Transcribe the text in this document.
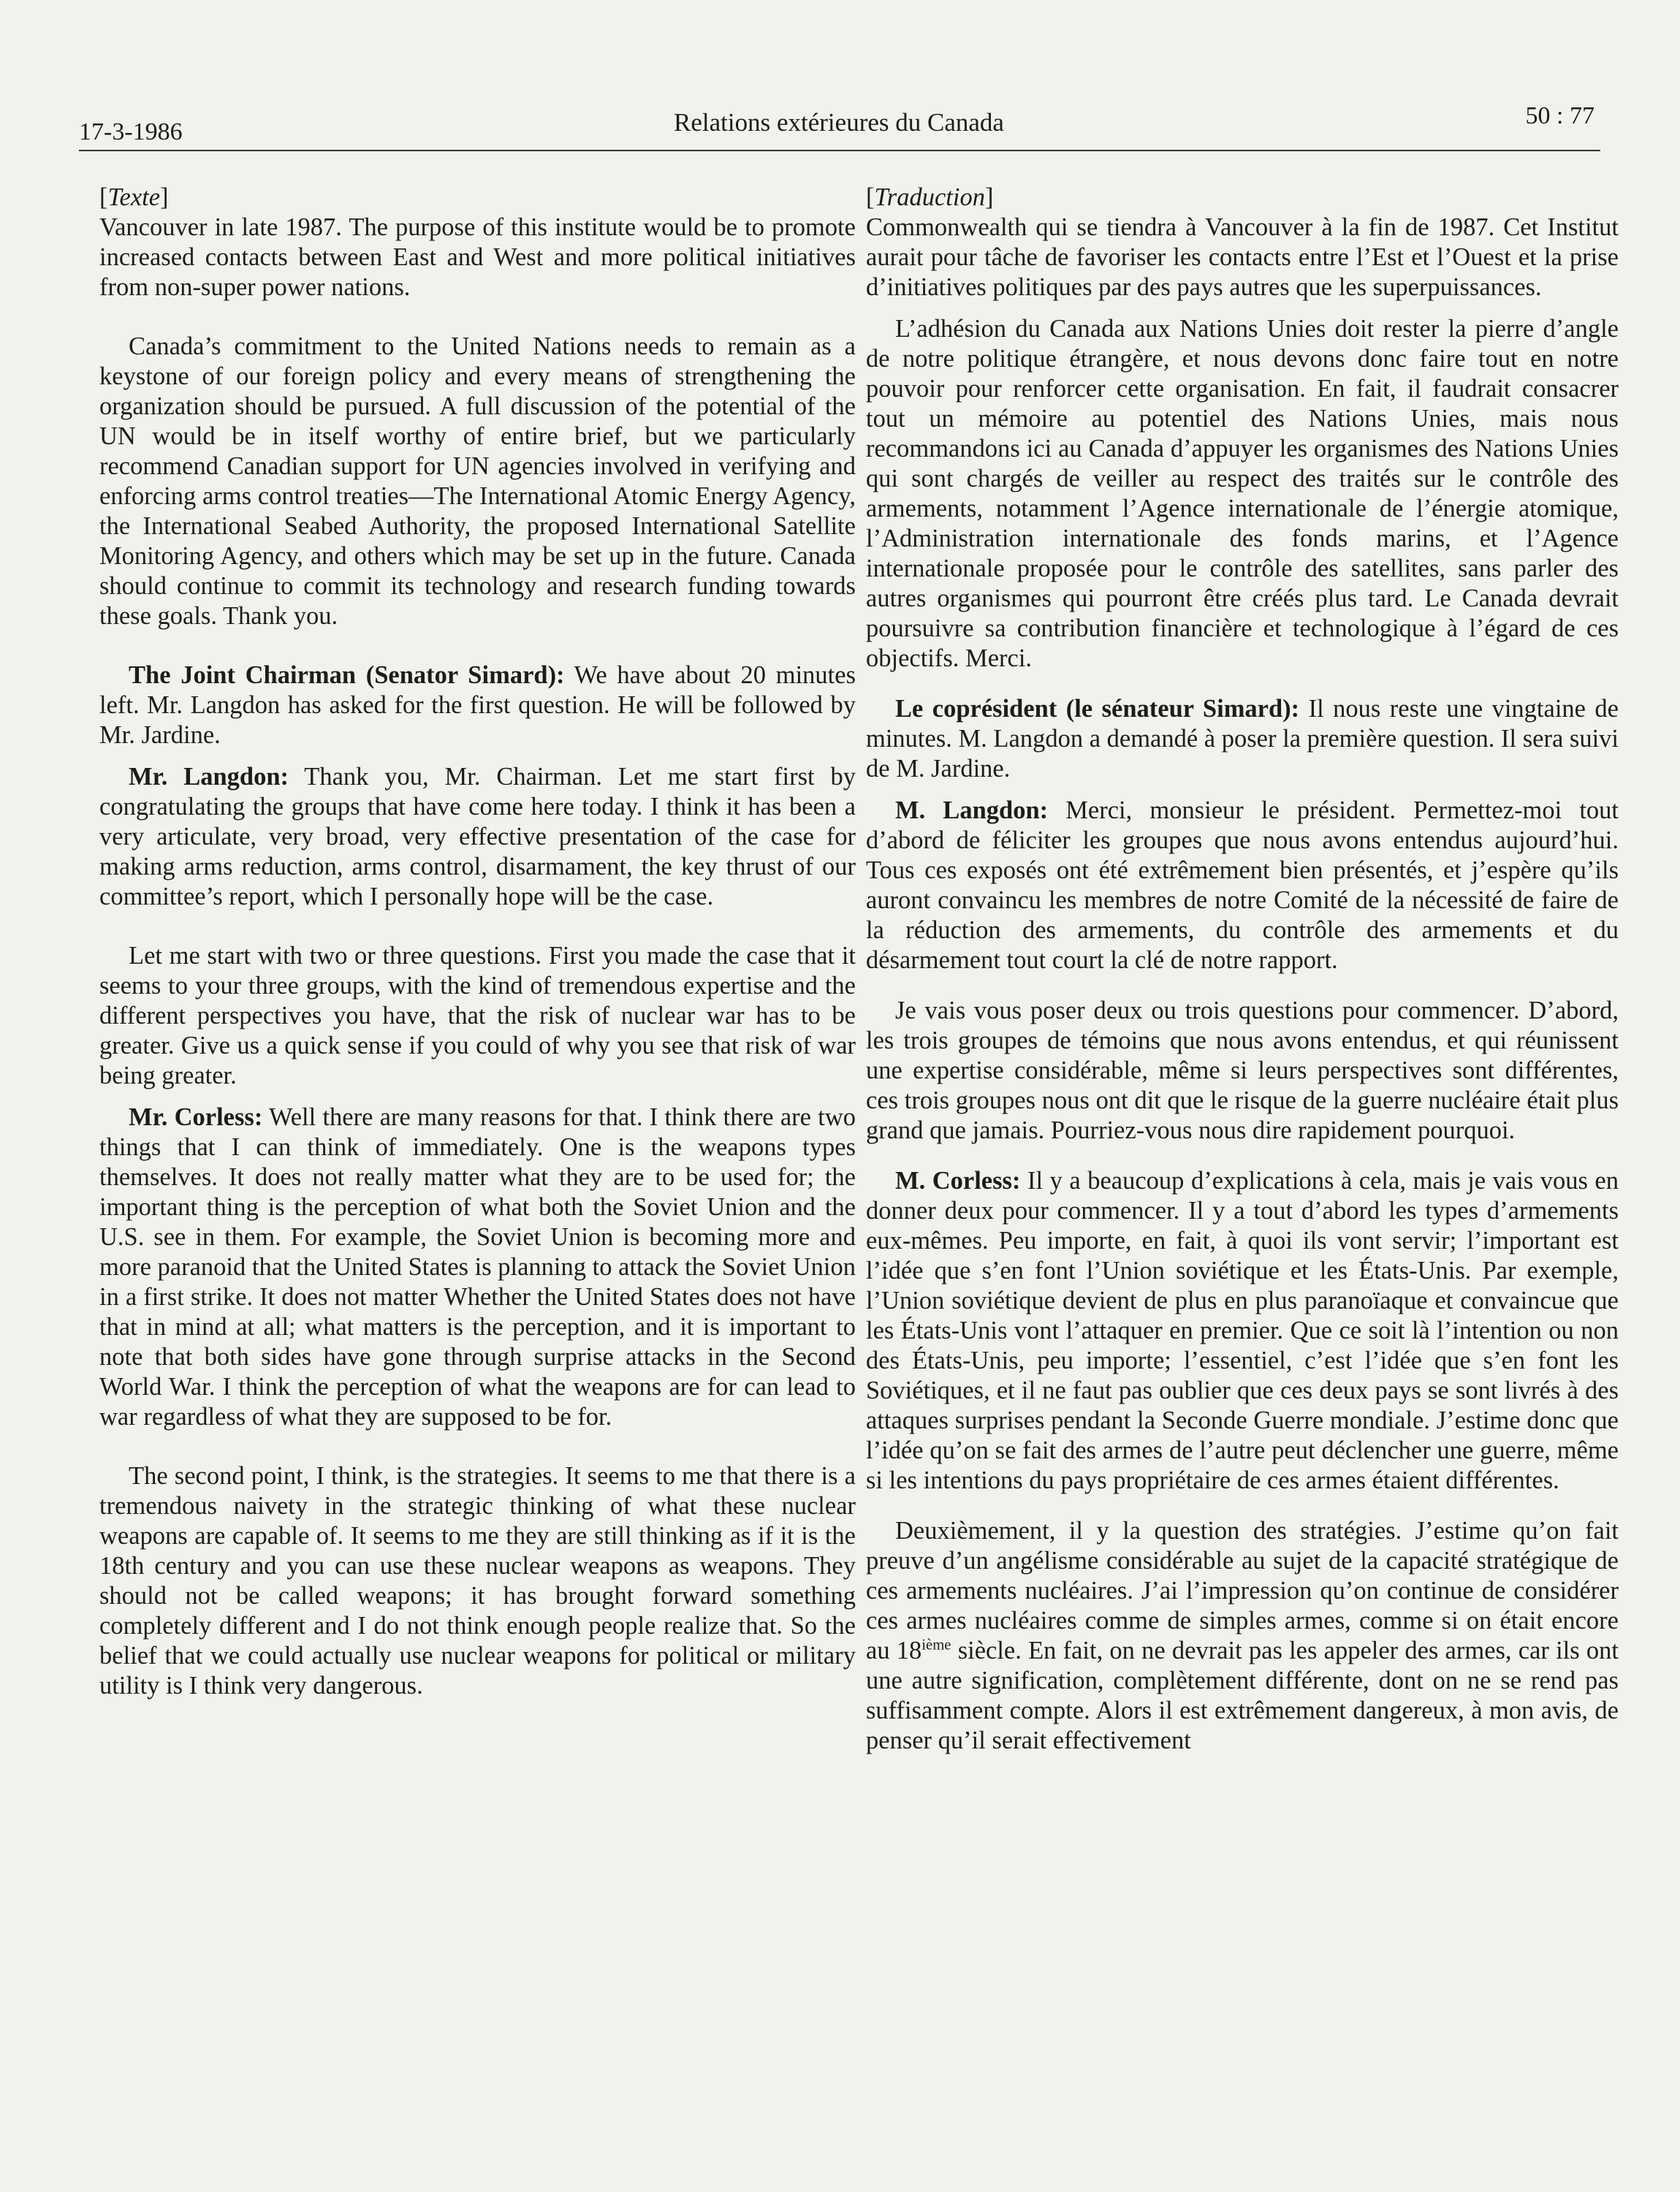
17-3-1986	Relations extérieures du Canada	50 : 77

[Texte]

Vancouver in late 1987. The purpose of this institute would be to promote increased contacts between East and West and more political initiatives from non-super power nations.

Canada’s commitment to the United Nations needs to remain as a keystone of our foreign policy and every means of strengthening the organization should be pursued. A full discussion of the potential of the UN would be in itself worthy of entire brief, but we particularly recommend Canadian support for UN agencies involved in verifying and enforcing arms control treaties—The International Atomic Energy Agency, the International Seabed Authority, the proposed International Satellite Monitoring Agency, and others which may be set up in the future. Canada should continue to commit its technology and research funding towards these goals. Thank you.

The Joint Chairman (Senator Simard): We have about 20 minutes left. Mr. Langdon has asked for the first question. He will be followed by Mr. Jardine.

Mr. Langdon: Thank you, Mr. Chairman. Let me start first by congratulating the groups that have come here today. I think it has been a very articulate, very broad, very effective presentation of the case for making arms reduction, arms control, disarmament, the key thrust of our committee’s report, which I personally hope will be the case.

Let me start with two or three questions. First you made the case that it seems to your three groups, with the kind of tremendous expertise and the different perspectives you have, that the risk of nuclear war has to be greater. Give us a quick sense if you could of why you see that risk of war being greater.

Mr. Corless: Well there are many reasons for that. I think there are two things that I can think of immediately. One is the weapons types themselves. It does not really matter what they are to be used for; the important thing is the perception of what both the Soviet Union and the U.S. see in them. For example, the Soviet Union is becoming more and more paranoid that the United States is planning to attack the Soviet Union in a first strike. It does not matter Whether the United States does not have that in mind at all; what matters is the perception, and it is important to note that both sides have gone through surprise attacks in the Second World War. I think the perception of what the weapons are for can lead to war regardless of what they are supposed to be for.

The second point, I think, is the strategies. It seems to me that there is a tremendous naivety in the strategic thinking of what these nuclear weapons are capable of. It seems to me they are still thinking as if it is the 18th century and you can use these nuclear weapons as weapons. They should not be called weapons; it has brought forward something completely different and I do not think enough people realize that. So the belief that we could actually use nuclear weapons for political or military utility is I think very dangerous.

[Traduction]

Commonwealth qui se tiendra à Vancouver à la fin de 1987. Cet Institut aurait pour tâche de favoriser les contacts entre l’Est et l’Ouest et la prise d’initiatives politiques par des pays autres que les superpuissances.

L’adhésion du Canada aux Nations Unies doit rester la pierre d’angle de notre politique étrangère, et nous devons donc faire tout en notre pouvoir pour renforcer cette organisation. En fait, il faudrait consacrer tout un mémoire au potentiel des Nations Unies, mais nous recommandons ici au Canada d’appuyer les organismes des Nations Unies qui sont chargés de veiller au respect des traités sur le contrôle des armements, notamment l’Agence internationale de l’énergie atomique, l’Administration internationale des fonds marins, et l’Agence internationale proposée pour le contrôle des satellites, sans parler des autres organismes qui pourront être créés plus tard. Le Canada devrait poursuivre sa contribution financière et technologique à l’égard de ces objectifs. Merci.

Le coprésident (le sénateur Simard): Il nous reste une vingtaine de minutes. M. Langdon a demandé à poser la première question. Il sera suivi de M. Jardine.

M. Langdon: Merci, monsieur le président. Permettez-moi tout d’abord de féliciter les groupes que nous avons entendus aujourd’hui. Tous ces exposés ont été extrêmement bien présentés, et j’espère qu’ils auront convaincu les membres de notre Comité de la nécessité de faire de la réduction des armements, du contrôle des armements et du désarmement tout court la clé de notre rapport.

Je vais vous poser deux ou trois questions pour commencer. D’abord, les trois groupes de témoins que nous avons entendus, et qui réunissent une expertise considérable, même si leurs perspectives sont différentes, ces trois groupes nous ont dit que le risque de la guerre nucléaire était plus grand que jamais. Pourriez-vous nous dire rapidement pourquoi.

M. Corless: Il y a beaucoup d’explications à cela, mais je vais vous en donner deux pour commencer. Il y a tout d’abord les types d’armements eux-mêmes. Peu importe, en fait, à quoi ils vont servir; l’important est l’idée que s’en font l’Union soviétique et les États-Unis. Par exemple, l’Union soviétique devient de plus en plus paranoïaque et convaincue que les États-Unis vont l’attaquer en premier. Que ce soit là l’intention ou non des États-Unis, peu importe; l’essentiel, c’est l’idée que s’en font les Soviétiques, et il ne faut pas oublier que ces deux pays se sont livrés à des attaques surprises pendant la Seconde Guerre mondiale. J’estime donc que l’idée qu’on se fait des armes de l’autre peut déclencher une guerre, même si les intentions du pays propriétaire de ces armes étaient différentes.

Deuxièmement, il y la question des stratégies. J’estime qu’on fait preuve d’un angélisme considérable au sujet de la capacité stratégique de ces armements nucléaires. J’ai l’impression qu’on continue de considérer ces armes nucléaires comme de simples armes, comme si on était encore au 18ième siècle. En fait, on ne devrait pas les appeler des armes, car ils ont une autre signification, complètement différente, dont on ne se rend pas suffisamment compte. Alors il est extrêmement dangereux, à mon avis, de penser qu’il serait effectivement
